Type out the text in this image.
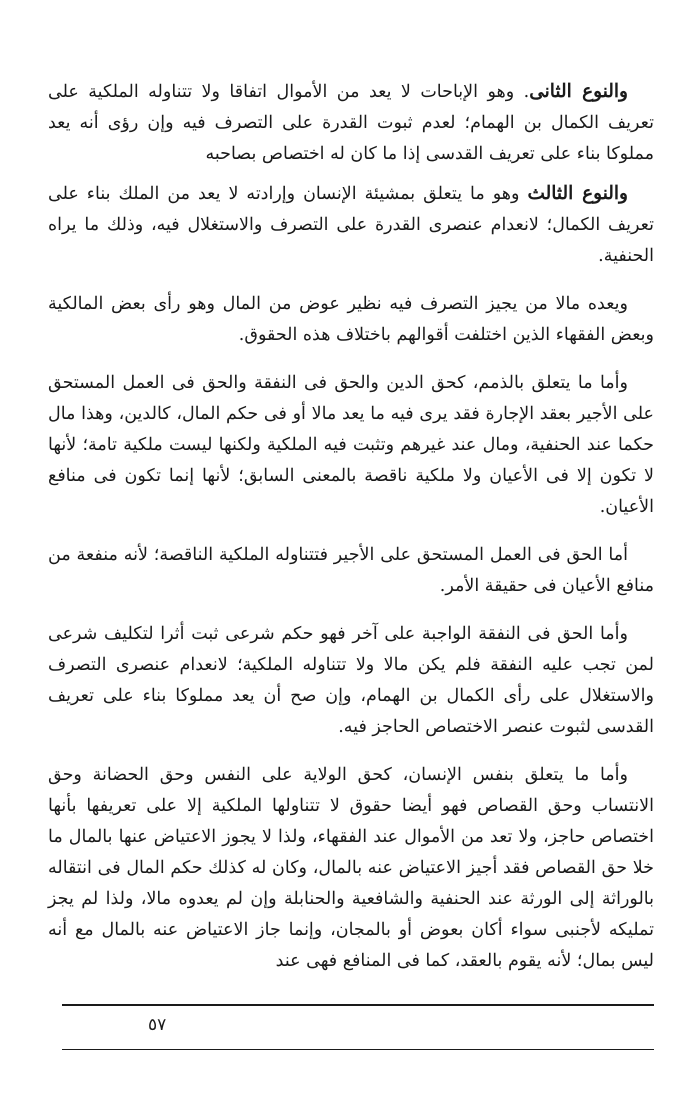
والنوع الثانى. وهو الإباحات لا يعد من الأموال اتفاقا ولا تتناوله الملكية على تعريف الكمال بن الهمام؛ لعدم ثبوت القدرة على التصرف فيه وإن رؤى أنه يعد مملوكا بناء على تعريف القدسى إذا ما كان له اختصاص بصاحبه

والنوع الثالث وهو ما يتعلق بمشيئة الإنسان وإرادته لا يعد من الملك بناء على تعريف الكمال؛ لانعدام عنصرى القدرة على التصرف والاستغلال فيه، وذلك ما يراه الحنفية.

ويعده مالا من يجيز التصرف فيه نظير عوض من المال وهو رأى بعض المالكية وبعض الفقهاء الذين اختلفت أقوالهم باختلاف هذه الحقوق.

وأما ما يتعلق بالذمم، كحق الدين والحق فى النفقة والحق فى العمل المستحق على الأجير بعقد الإجارة فقد يرى فيه ما يعد مالا أو فى حكم المال، كالدين، وهذا مال حكما عند الحنفية، ومال عند غيرهم وتثبت فيه الملكية ولكنها ليست ملكية تامة؛ لأنها لا تكون إلا فى الأعيان ولا ملكية ناقصة بالمعنى السابق؛ لأنها إنما تكون فى منافع الأعيان.

أما الحق فى العمل المستحق على الأجير فتتناوله الملكية الناقصة؛ لأنه منفعة من منافع الأعيان فى حقيقة الأمر.

وأما الحق فى النفقة الواجبة على آخر فهو حكم شرعى ثبت أثرا لتكليف شرعى لمن تجب عليه النفقة فلم يكن مالا ولا تتناوله الملكية؛ لانعدام عنصرى التصرف والاستغلال على رأى الكمال بن الهمام، وإن صح أن يعد مملوكا بناء على تعريف القدسى لثبوت عنصر الاختصاص الحاجز فيه.

وأما ما يتعلق بنفس الإنسان، كحق الولاية على النفس وحق الحضانة وحق الانتساب وحق القصاص فهو أيضا حقوق لا تتناولها الملكية إلا على تعريفها بأنها اختصاص حاجز، ولا تعد من الأموال عند الفقهاء، ولذا لا يجوز الاعتياض عنها بالمال ما خلا حق القصاص فقد أجيز الاعتياض عنه بالمال، وكان له كذلك حكم المال فى انتقاله بالوراثة إلى الورثة عند الحنفية والشافعية والحنابلة وإن لم يعدوه مالا، ولذا لم يجز تمليكه لأجنبى سواء أكان بعوض أو بالمجان، وإنما جاز الاعتياض عنه بالمال مع أنه ليس بمال؛ لأنه يقوم بالعقد، كما فى المنافع فهى عند

٥٧
